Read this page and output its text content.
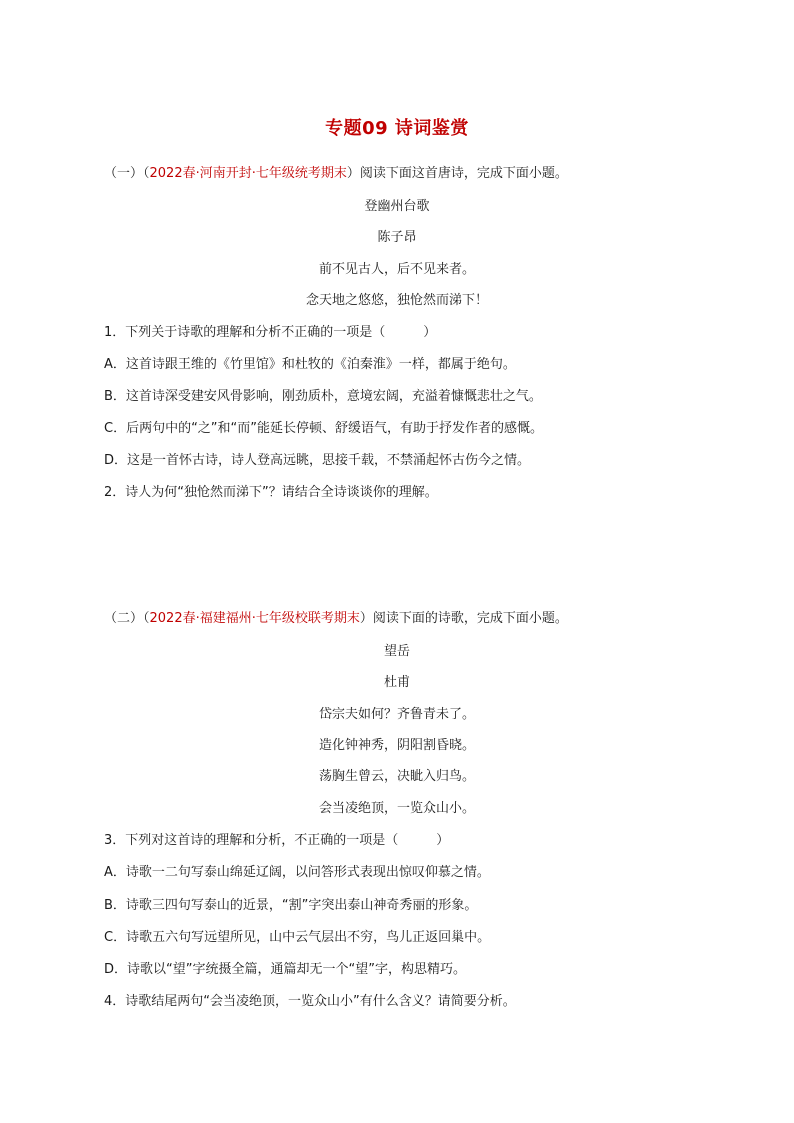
专题09 诗词鉴赏
（一）（2022春·河南开封·七年级统考期末）阅读下面这首唐诗，完成下面小题。
登幽州台歌
陈子昂
前不见古人，后不见来者。
念天地之悠悠，独怆然而涕下！
1．下列关于诗歌的理解和分析不正确的一项是（	）
A．这首诗跟王维的《竹里馆》和杜牧的《泊秦淮》一样，都属于绝句。
B．这首诗深受建安风骨影响，刚劲质朴，意境宏阔，充溢着慷慨悲壮之气。
C．后两句中的“之”和“而”能延长停顿、舒缓语气，有助于抒发作者的感慨。
D．这是一首怀古诗，诗人登高远眺，思接千载，不禁涌起怀古伤今之情。
2．诗人为何“独怆然而涕下”？请结合全诗谈谈你的理解。
（二）（2022春·福建福州·七年级校联考期末）阅读下面的诗歌，完成下面小题。
望岳
杜甫
岱宗夫如何？齐鲁青未了。
造化钟神秀，阴阳割昏晓。
荡胸生曾云，决眦入归鸟。
会当凌绝顶，一览众山小。
3．下列对这首诗的理解和分析，不正确的一项是（	）
A．诗歌一二句写泰山绵延辽阔，以问答形式表现出惊叹仰慕之情。
B．诗歌三四句写泰山的近景，“割”字突出泰山神奇秀丽的形象。
C．诗歌五六句写远望所见，山中云气层出不穷，鸟儿正返回巢中。
D．诗歌以“望”字统摄全篇，通篇却无一个“望”字，构思精巧。
4．诗歌结尾两句“会当凌绝顶，一览众山小”有什么含义？请简要分析。
